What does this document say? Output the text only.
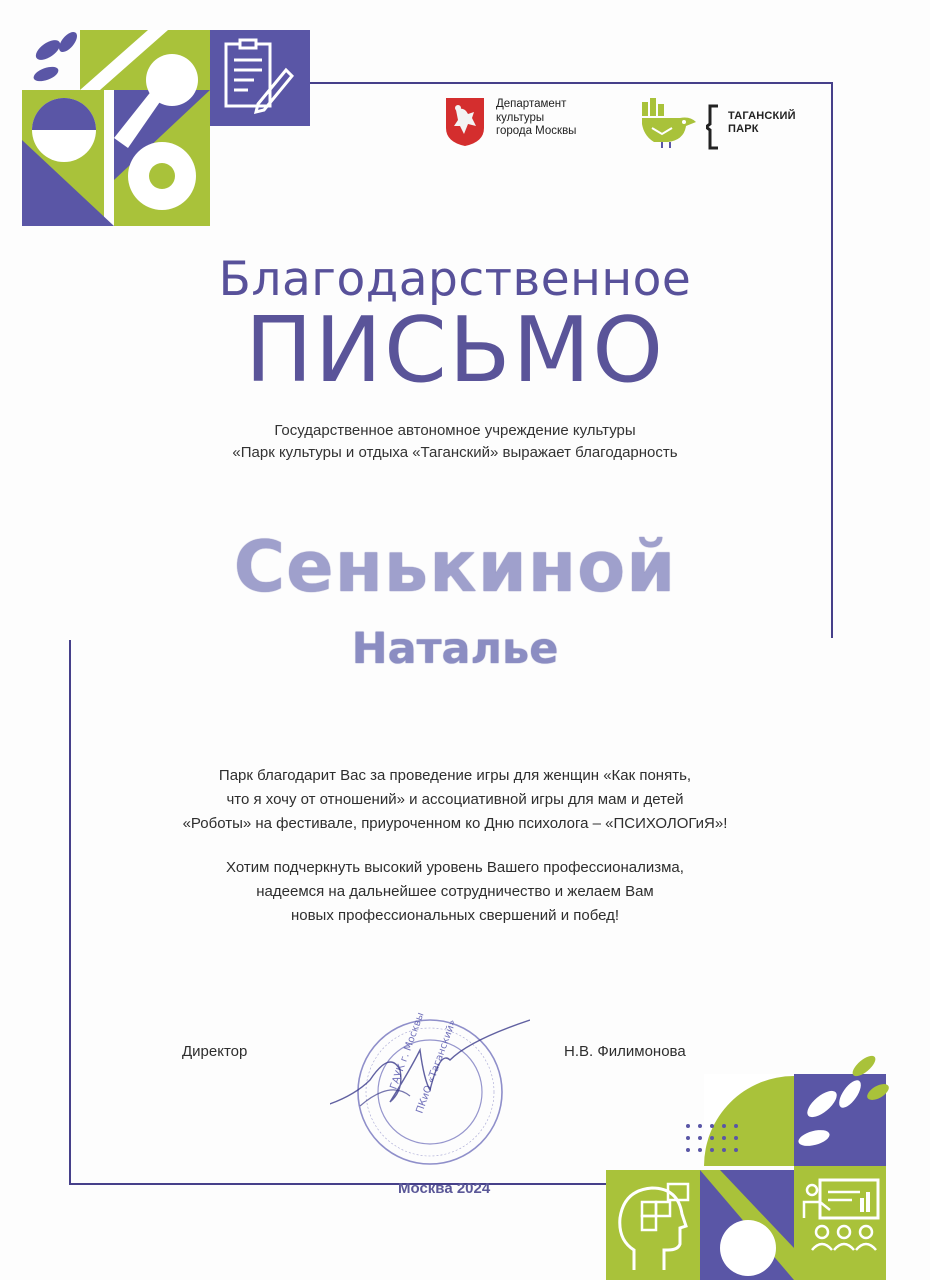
Департамент
культуры
города Москвы
ТАГАНСКИЙ
ПАРК
Благодарственное
ПИСЬМО
Государственное автономное учреждение культуры
«Парк культуры и отдыха «Таганский» выражает благодарность
Сенькиной
Наталье
Парк благодарит Вас за проведение игры для женщин «Как понять,
что я хочу от отношений» и ассоциативной игры для мам и детей
«Роботы» на фестивале, приуроченном ко Дню психолога – «ПСИХОЛОГиЯ»!
Хотим подчеркнуть высокий уровень Вашего профессионализма,
надеемся на дальнейшее сотрудничество и желаем Вам
новых профессиональных свершений и побед!
Директор	Н.В. Филимонова
ГАУК г. Москвы
ПКиО «Таганский»
Москва 2024
